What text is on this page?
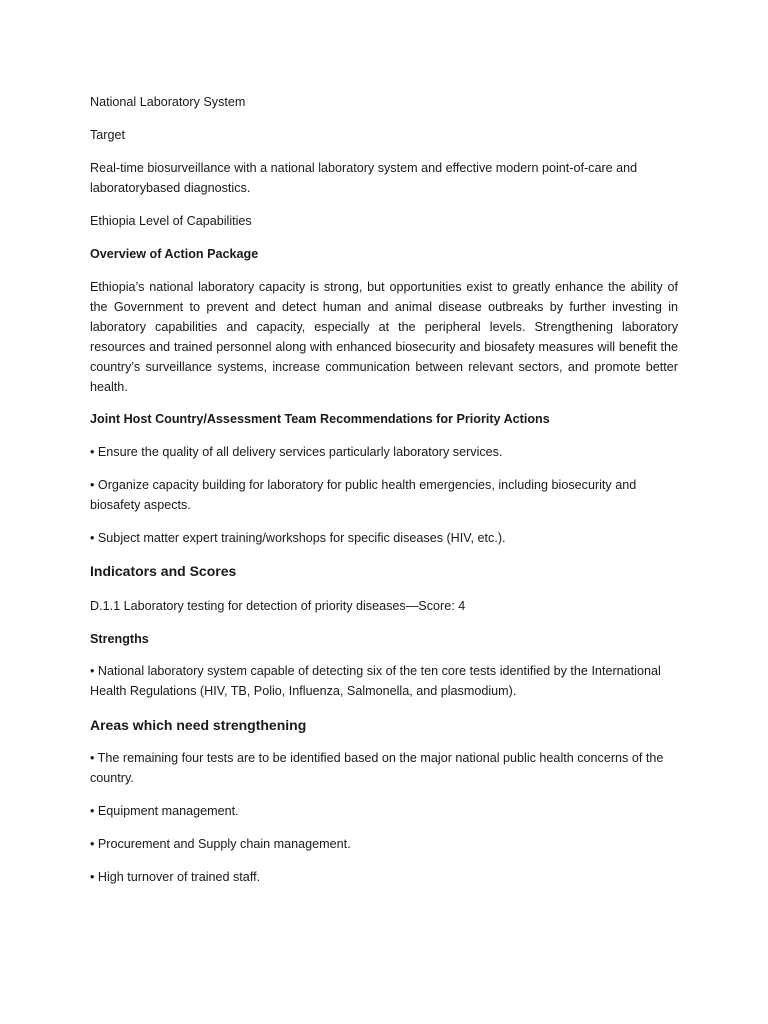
National Laboratory System

Target

Real-time biosurveillance with a national laboratory system and effective modern point-of-care and laboratorybased diagnostics.

Ethiopia Level of Capabilities

Overview of Action Package

Ethiopia’s national laboratory capacity is strong, but opportunities exist to greatly enhance the ability of the Government to prevent and detect human and animal disease outbreaks by further investing in laboratory capabilities and capacity, especially at the peripheral levels. Strengthening laboratory resources and trained personnel along with enhanced biosecurity and biosafety measures will benefit the country’s surveillance systems, increase communication between relevant sectors, and promote better health.

Joint Host Country/Assessment Team Recommendations for Priority Actions

• Ensure the quality of all delivery services particularly laboratory services.

• Organize capacity building for laboratory for public health emergencies, including biosecurity and biosafety aspects.

• Subject matter expert training/workshops for specific diseases (HIV, etc.).

Indicators and Scores

D.1.1 Laboratory testing for detection of priority diseases—Score: 4

Strengths

• National laboratory system capable of detecting six of the ten core tests identified by the International Health Regulations (HIV, TB, Polio, Influenza, Salmonella, and plasmodium).

Areas which need strengthening

• The remaining four tests are to be identified based on the major national public health concerns of the country.

• Equipment management.

• Procurement and Supply chain management.

• High turnover of trained staff.
